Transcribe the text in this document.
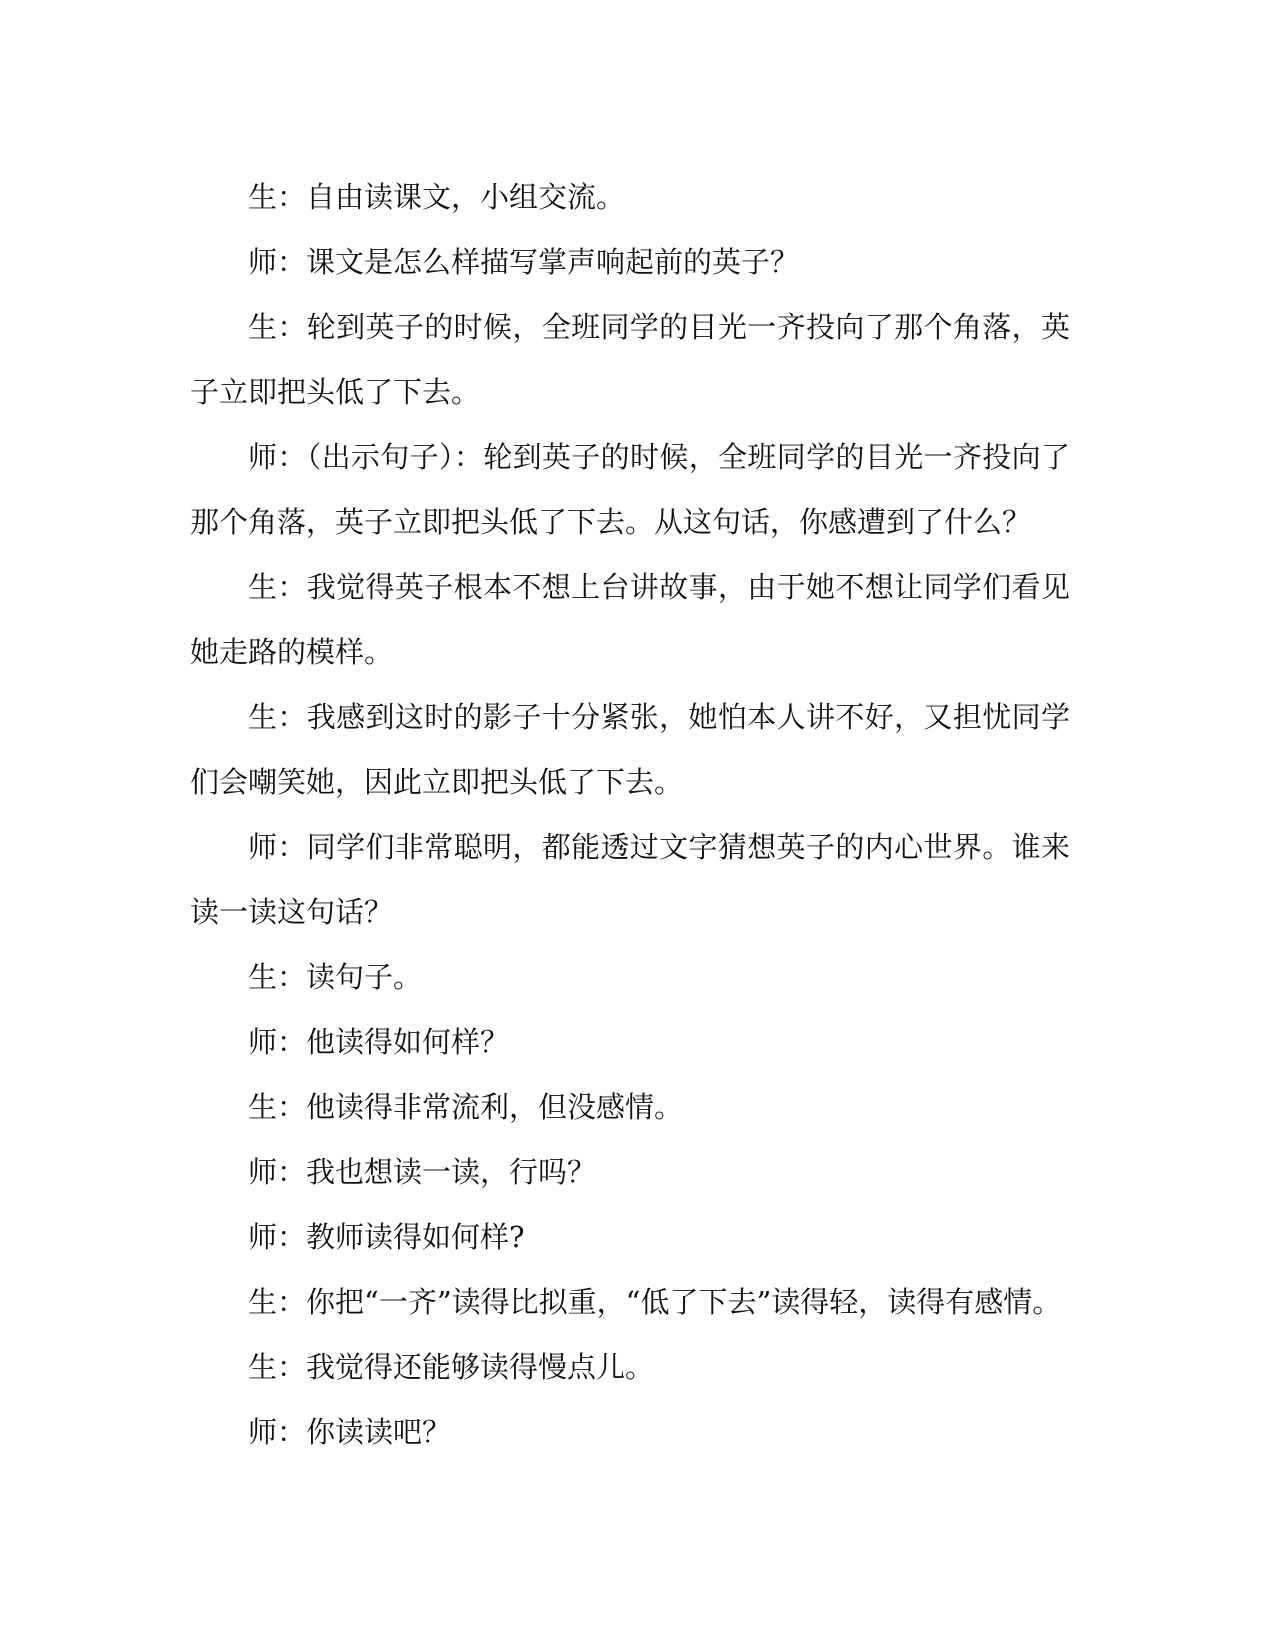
生：自由读课文，小组交流。

师：课文是怎么样描写掌声响起前的英子？

生：轮到英子的时候，全班同学的目光一齐投向了那个角落，英子立即把头低了下去。

师：（出示句子）：轮到英子的时候，全班同学的目光一齐投向了那个角落，英子立即把头低了下去。从这句话，你感遭到了什么？

生：我觉得英子根本不想上台讲故事，由于她不想让同学们看见她走路的模样。

生：我感到这时的影子十分紧张，她怕本人讲不好，又担忧同学们会嘲笑她，因此立即把头低了下去。

师：同学们非常聪明，都能透过文字猜想英子的内心世界。谁来读一读这句话？

生：读句子。

师：他读得如何样？

生：他读得非常流利，但没感情。

师：我也想读一读，行吗？

师：教师读得如何样?

生：你把“一齐”读得比拟重，“低了下去”读得轻，读得有感情。

生：我觉得还能够读得慢点儿。

师：你读读吧？
